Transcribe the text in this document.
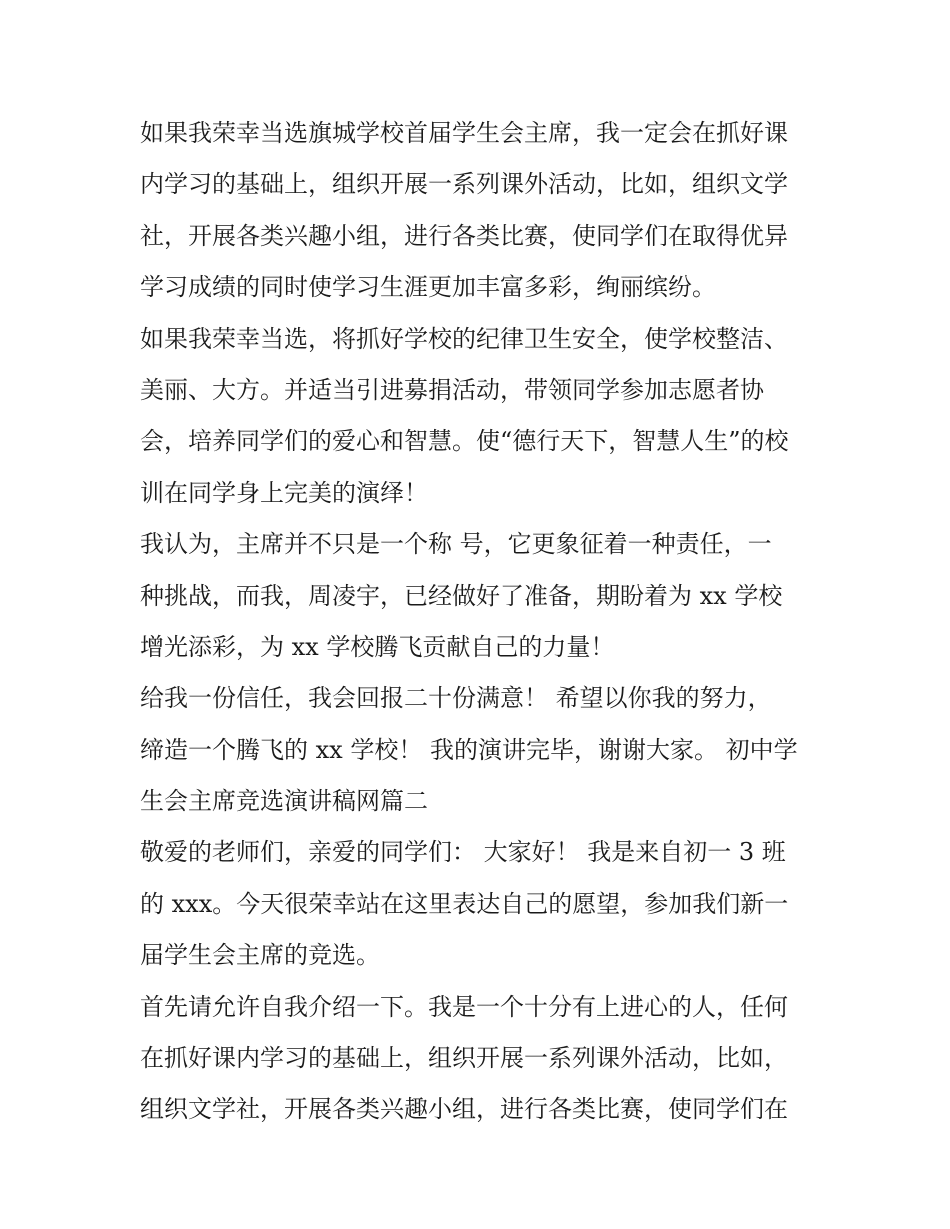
如果我荣幸当选旗城学校首届学生会主席，我一定会在抓好课
内学习的基础上，组织开展一系列课外活动，比如，组织文学
社，开展各类兴趣小组，进行各类比赛，使同学们在取得优异
学习成绩的同时使学习生涯更加丰富多彩，绚丽缤纷。
如果我荣幸当选，将抓好学校的纪律卫生安全，使学校整洁、
美丽、大方。并适当引进募捐活动，带领同学参加志愿者协
会，培养同学们的爱心和智慧。使“德行天下，智慧人生”的校
训在同学身上完美的演绎！
我认为，主席并不只是一个称 号，它更象征着一种责任，一
种挑战，而我，周凌宇，已经做好了准备，期盼着为 xx 学校
增光添彩，为 xx 学校腾飞贡献自己的力量！
给我一份信任，我会回报二十份满意！ 希望以你我的努力，
缔造一个腾飞的 xx 学校！ 我的演讲完毕，谢谢大家。 初中学
生会主席竞选演讲稿网篇二
敬爱的老师们，亲爱的同学们： 大家好！ 我是来自初一 3 班
的 xxx。今天很荣幸站在这里表达自己的愿望，参加我们新一
届学生会主席的竞选。
首先请允许自我介绍一下。我是一个十分有上进心的人，任何
在抓好课内学习的基础上，组织开展一系列课外活动，比如，
组织文学社，开展各类兴趣小组，进行各类比赛，使同学们在
